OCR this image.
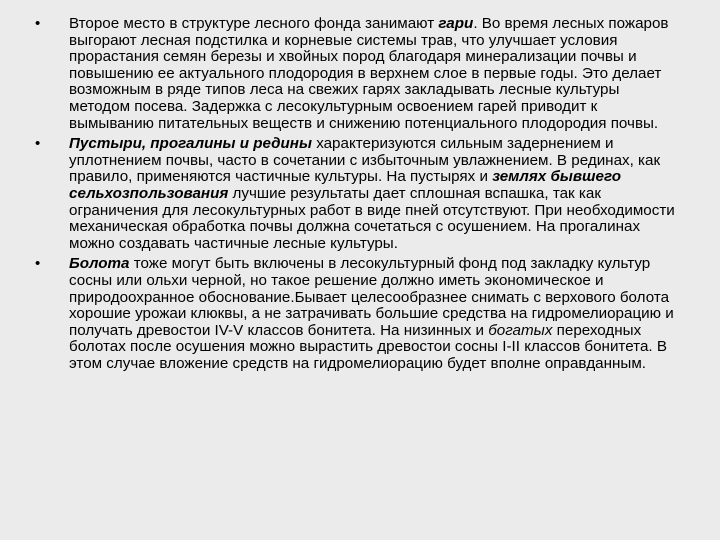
• Второе место в структуре лесного фонда занимают гари. Во время лесных пожаров выгорают лесная подстилка и корневые системы трав, что улучшает условия прорастания семян березы и хвойных пород благодаря минерализации почвы и повышению ее актуального плодородия в верхнем слое в первые годы. Это делает возможным в ряде типов леса на свежих гарях закладывать лесные культуры методом посева. Задержка с лесокультурным освоением гарей приводит к вымыванию питательных веществ и снижению потенциального плодородия почвы.
• Пустыри, прогалины и редины характеризуются сильным задернением и уплотнением почвы, часто в сочетании с избыточным увлажнением. В рединах, как правило, применяются частичные культуры. На пустырях и землях бывшего сельхозпользования лучшие результаты дает сплошная вспашка, так как ограничения для лесокультурных работ в виде пней отсутствуют. При необходимости механическая обработка почвы должна сочетаться с осушением. На прогалинах можно создавать частичные лесные культуры.
• Болота тоже могут быть включены в лесокультурный фонд под закладку культур сосны или ольхи черной, но такое решение должно иметь экономическое и природоохранное обоснование.Бывает целесообразнее снимать с верхового болота хорошие урожаи клюквы, а не затрачивать большие средства на гидромелиорацию и получать древостои IV-V классов бонитета. На низинных и богатых переходных болотах после осушения можно вырастить древостои сосны I-II классов бонитета. В этом случае вложение средств на гидромелиорацию будет вполне оправданным.
